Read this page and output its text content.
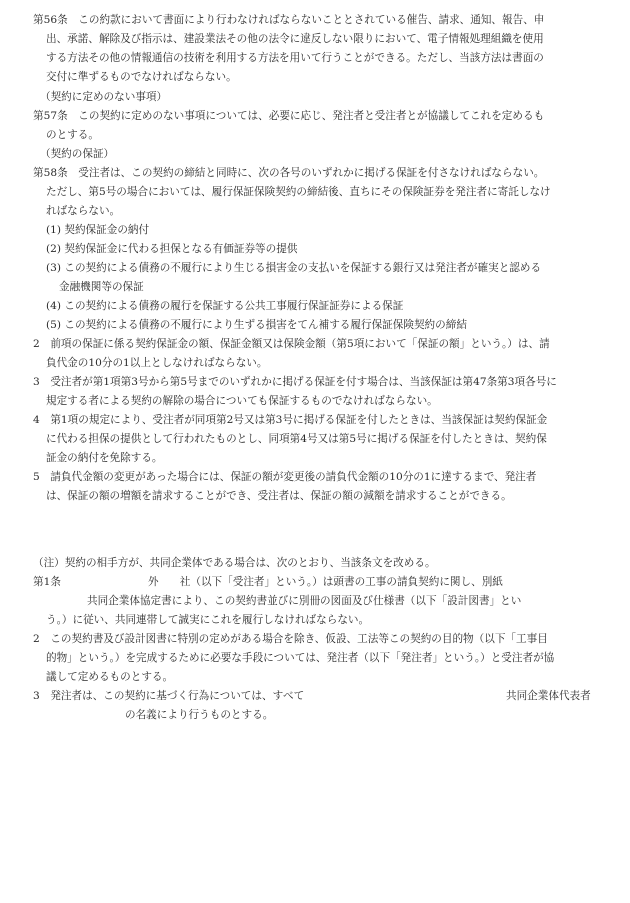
第56条　この約款において書面により行わなければならないこととされている催告、請求、通知、報告、申
出、承諾、解除及び指示は、建設業法その他の法令に違反しない限りにおいて、電子情報処理組織を使用
する方法その他の情報通信の技術を利用する方法を用いて行うことができる。ただし、当該方法は書面の
交付に準ずるものでなければならない。
（契約に定めのない事項）
第57条　この契約に定めのない事項については、必要に応じ、発注者と受注者とが協議してこれを定めるも
のとする。
（契約の保証）
第58条　受注者は、この契約の締結と同時に、次の各号のいずれかに掲げる保証を付さなければならない。
ただし、第5号の場合においては、履行保証保険契約の締結後、直ちにその保険証券を発注者に寄託しなけ
ればならない。
(1) 契約保証金の納付
(2) 契約保証金に代わる担保となる有価証券等の提供
(3) この契約による債務の不履行により生じる損害金の支払いを保証する銀行又は発注者が確実と認める
金融機関等の保証
(4) この契約による債務の履行を保証する公共工事履行保証証券による保証
(5) この契約による債務の不履行により生ずる損害をてん補する履行保証保険契約の締結
2　前項の保証に係る契約保証金の額、保証金額又は保険金額（第5項において「保証の額」という。）は、請
負代金の10分の1以上としなければならない。
3　受注者が第1項第3号から第5号までのいずれかに掲げる保証を付す場合は、当該保証は第47条第3項各号に
規定する者による契約の解除の場合についても保証するものでなければならない。
4　第1項の規定により、受注者が同項第2号又は第3号に掲げる保証を付したときは、当該保証は契約保証金
に代わる担保の提供として行われたものとし、同項第4号又は第5号に掲げる保証を付したときは、契約保
証金の納付を免除する。
5　請負代金額の変更があった場合には、保証の額が変更後の請負代金額の10分の1に達するまで、発注者
は、保証の額の増額を請求することができ、受注者は、保証の額の減額を請求することができる。
（注）契約の相手方が、共同企業体である場合は、次のとおり、当該条文を改める。
第1条	外　　社（以下「受注者」という。）は頭書の工事の請負契約に関し、別紙
共同企業体協定書により、この契約書並びに別冊の図面及び仕様書（以下「設計図書」とい
う。）に従い、共同連帯して誠実にこれを履行しなければならない。
2　この契約書及び設計図書に特別の定めがある場合を除き、仮設、工法等この契約の目的物（以下「工事目
的物」という。）を完成するために必要な手段については、発注者（以下「発注者」という。）と受注者が協
議して定めるものとする。
3　発注者は、この契約に基づく行為については、すべて	共同企業体代表者
の名義により行うものとする。
